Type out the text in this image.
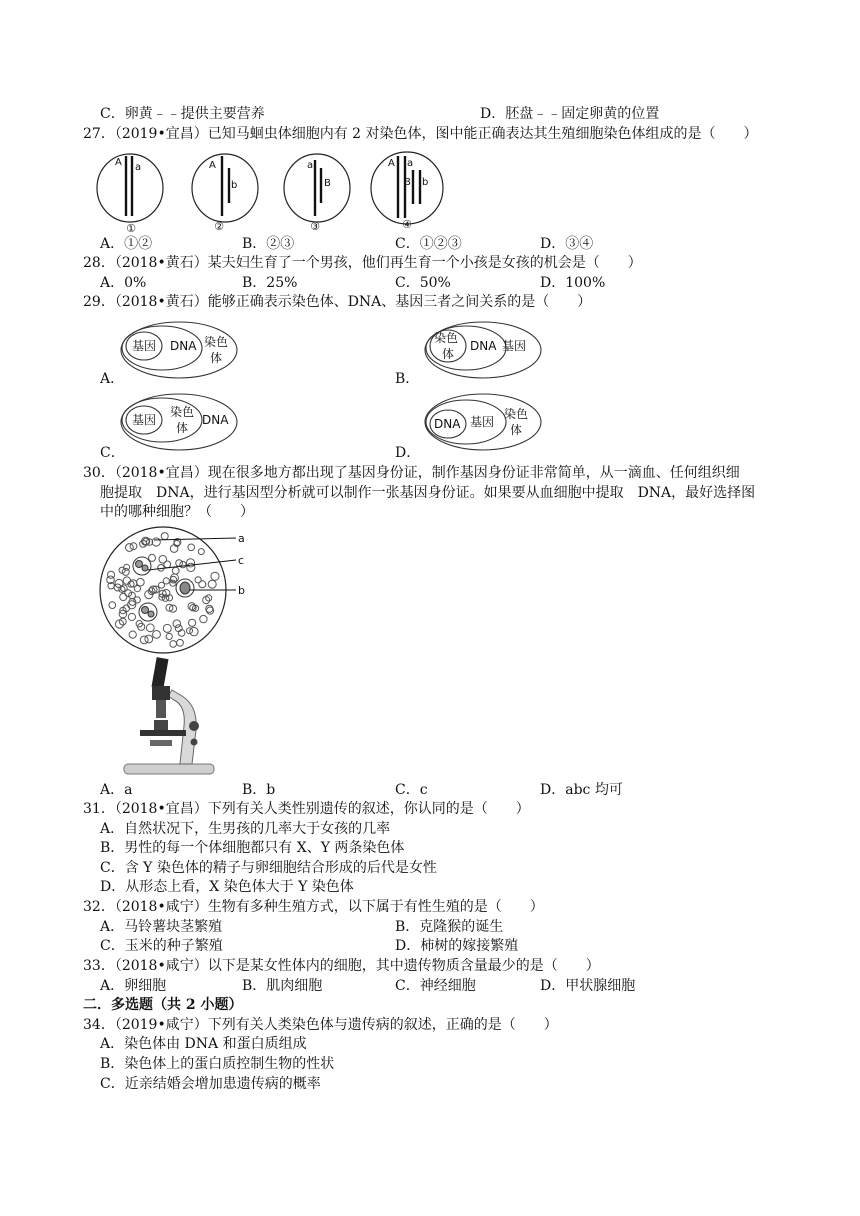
C．卵黄﹣﹣提供主要营养	D．胚盘﹣﹣固定卵黄的位置
27．（2019•宜昌）已知马蛔虫体细胞内有 2 对染色体，图中能正确表达其生殖细胞染色体组成的是（　　）
A a	A
b
a
B
A a
B b
①	②	③	④
A．①②	B．②③	C．①②③	D．③④
28．（2018•黄石）某夫妇生育了一个男孩，他们再生育一个小孩是女孩的机会是（　　）
A．0%	B．25%	C．50%	D．100%
29．（2018•黄石）能够正确表示染色体、DNA、基因三者之间关系的是（　　）
基因 DNA 染色
体
A．
染色
体
DNA 基因
B．
基因
染色
体
DNA
C．
DNA 基因
染色
体
D．
30．（2018•宜昌）现在很多地方都出现了基因身份证，制作基因身份证非常简单，从一滴血、任何组织细
胞提取　DNA，进行基因型分析就可以制作一张基因身份证。如果要从血细胞中提取　DNA，最好选择图
中的哪种细胞？（　　）
a
c
b
A．a	B．b	C．c	D．abc 均可
31．（2018•宜昌）下列有关人类性别遗传的叙述，你认同的是（　　）
A．自然状况下，生男孩的几率大于女孩的几率
B．男性的每一个体细胞都只有 X、Y 两条染色体
C．含 Y 染色体的精子与卵细胞结合形成的后代是女性
D．从形态上看，X 染色体大于 Y 染色体
32．（2018•咸宁）生物有多种生殖方式，以下属于有性生殖的是（　　）
A．马铃薯块茎繁殖	B．克隆猴的诞生
C．玉米的种子繁殖	D．柿树的嫁接繁殖
33．（2018•咸宁）以下是某女性体内的细胞，其中遗传物质含量最少的是（　　）
A．卵细胞	B．肌肉细胞	C．神经细胞	D．甲状腺细胞
二．多选题（共 2 小题）
34．（2019•咸宁）下列有关人类染色体与遗传病的叙述，正确的是（　　）
A．染色体由 DNA 和蛋白质组成
B．染色体上的蛋白质控制生物的性状
C．近亲结婚会增加患遗传病的概率
